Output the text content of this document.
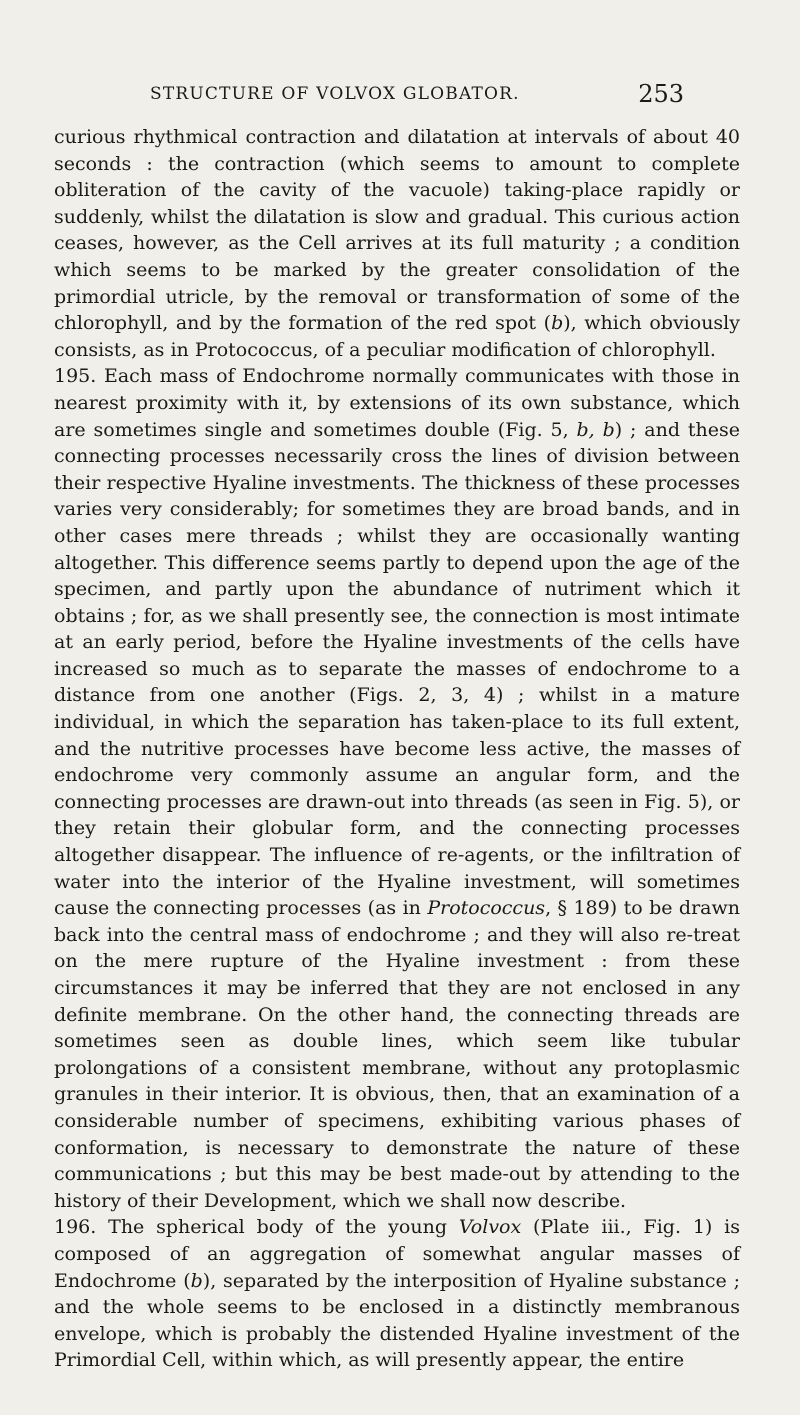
STRUCTURE OF VOLVOX GLOBATOR.	253

curious rhythmical contraction and dilatation at intervals of about 40 seconds : the contraction (which seems to amount to complete obliteration of the cavity of the vacuole) taking-place rapidly or suddenly, whilst the dilatation is slow and gradual. This curious action ceases, however, as the Cell arrives at its full maturity ; a condition which seems to be marked by the greater consolidation of the primordial utricle, by the removal or transformation of some of the chlorophyll, and by the formation of the red spot (b), which obviously consists, as in Protococcus, of a peculiar modification of chlorophyll.

195. Each mass of Endochrome normally communicates with those in nearest proximity with it, by extensions of its own substance, which are sometimes single and sometimes double (Fig. 5, b, b) ; and these connecting processes necessarily cross the lines of division between their respective Hyaline investments. The thickness of these processes varies very considerably; for sometimes they are broad bands, and in other cases mere threads ; whilst they are occasionally wanting altogether. This difference seems partly to depend upon the age of the specimen, and partly upon the abundance of nutriment which it obtains ; for, as we shall presently see, the connection is most intimate at an early period, before the Hyaline investments of the cells have increased so much as to separate the masses of endochrome to a distance from one another (Figs. 2, 3, 4) ; whilst in a mature individual, in which the separation has taken-place to its full extent, and the nutritive processes have become less active, the masses of endochrome very commonly assume an angular form, and the connecting processes are drawn-out into threads (as seen in Fig. 5), or they retain their globular form, and the connecting processes altogether disappear. The influence of re-agents, or the infiltration of water into the interior of the Hyaline investment, will sometimes cause the connecting processes (as in Protococcus, § 189) to be drawn back into the central mass of endochrome ; and they will also re-treat on the mere rupture of the Hyaline investment : from these circumstances it may be inferred that they are not enclosed in any definite membrane. On the other hand, the connecting threads are sometimes seen as double lines, which seem like tubular prolongations of a consistent membrane, without any protoplasmic granules in their interior. It is obvious, then, that an examination of a considerable number of specimens, exhibiting various phases of conformation, is necessary to demonstrate the nature of these communications ; but this may be best made-out by attending to the history of their Development, which we shall now describe.

196. The spherical body of the young Volvox (Plate iii., Fig. 1) is composed of an aggregation of somewhat angular masses of Endochrome (b), separated by the interposition of Hyaline substance ; and the whole seems to be enclosed in a distinctly membranous envelope, which is probably the distended Hyaline investment of the Primordial Cell, within which, as will presently appear, the entire
